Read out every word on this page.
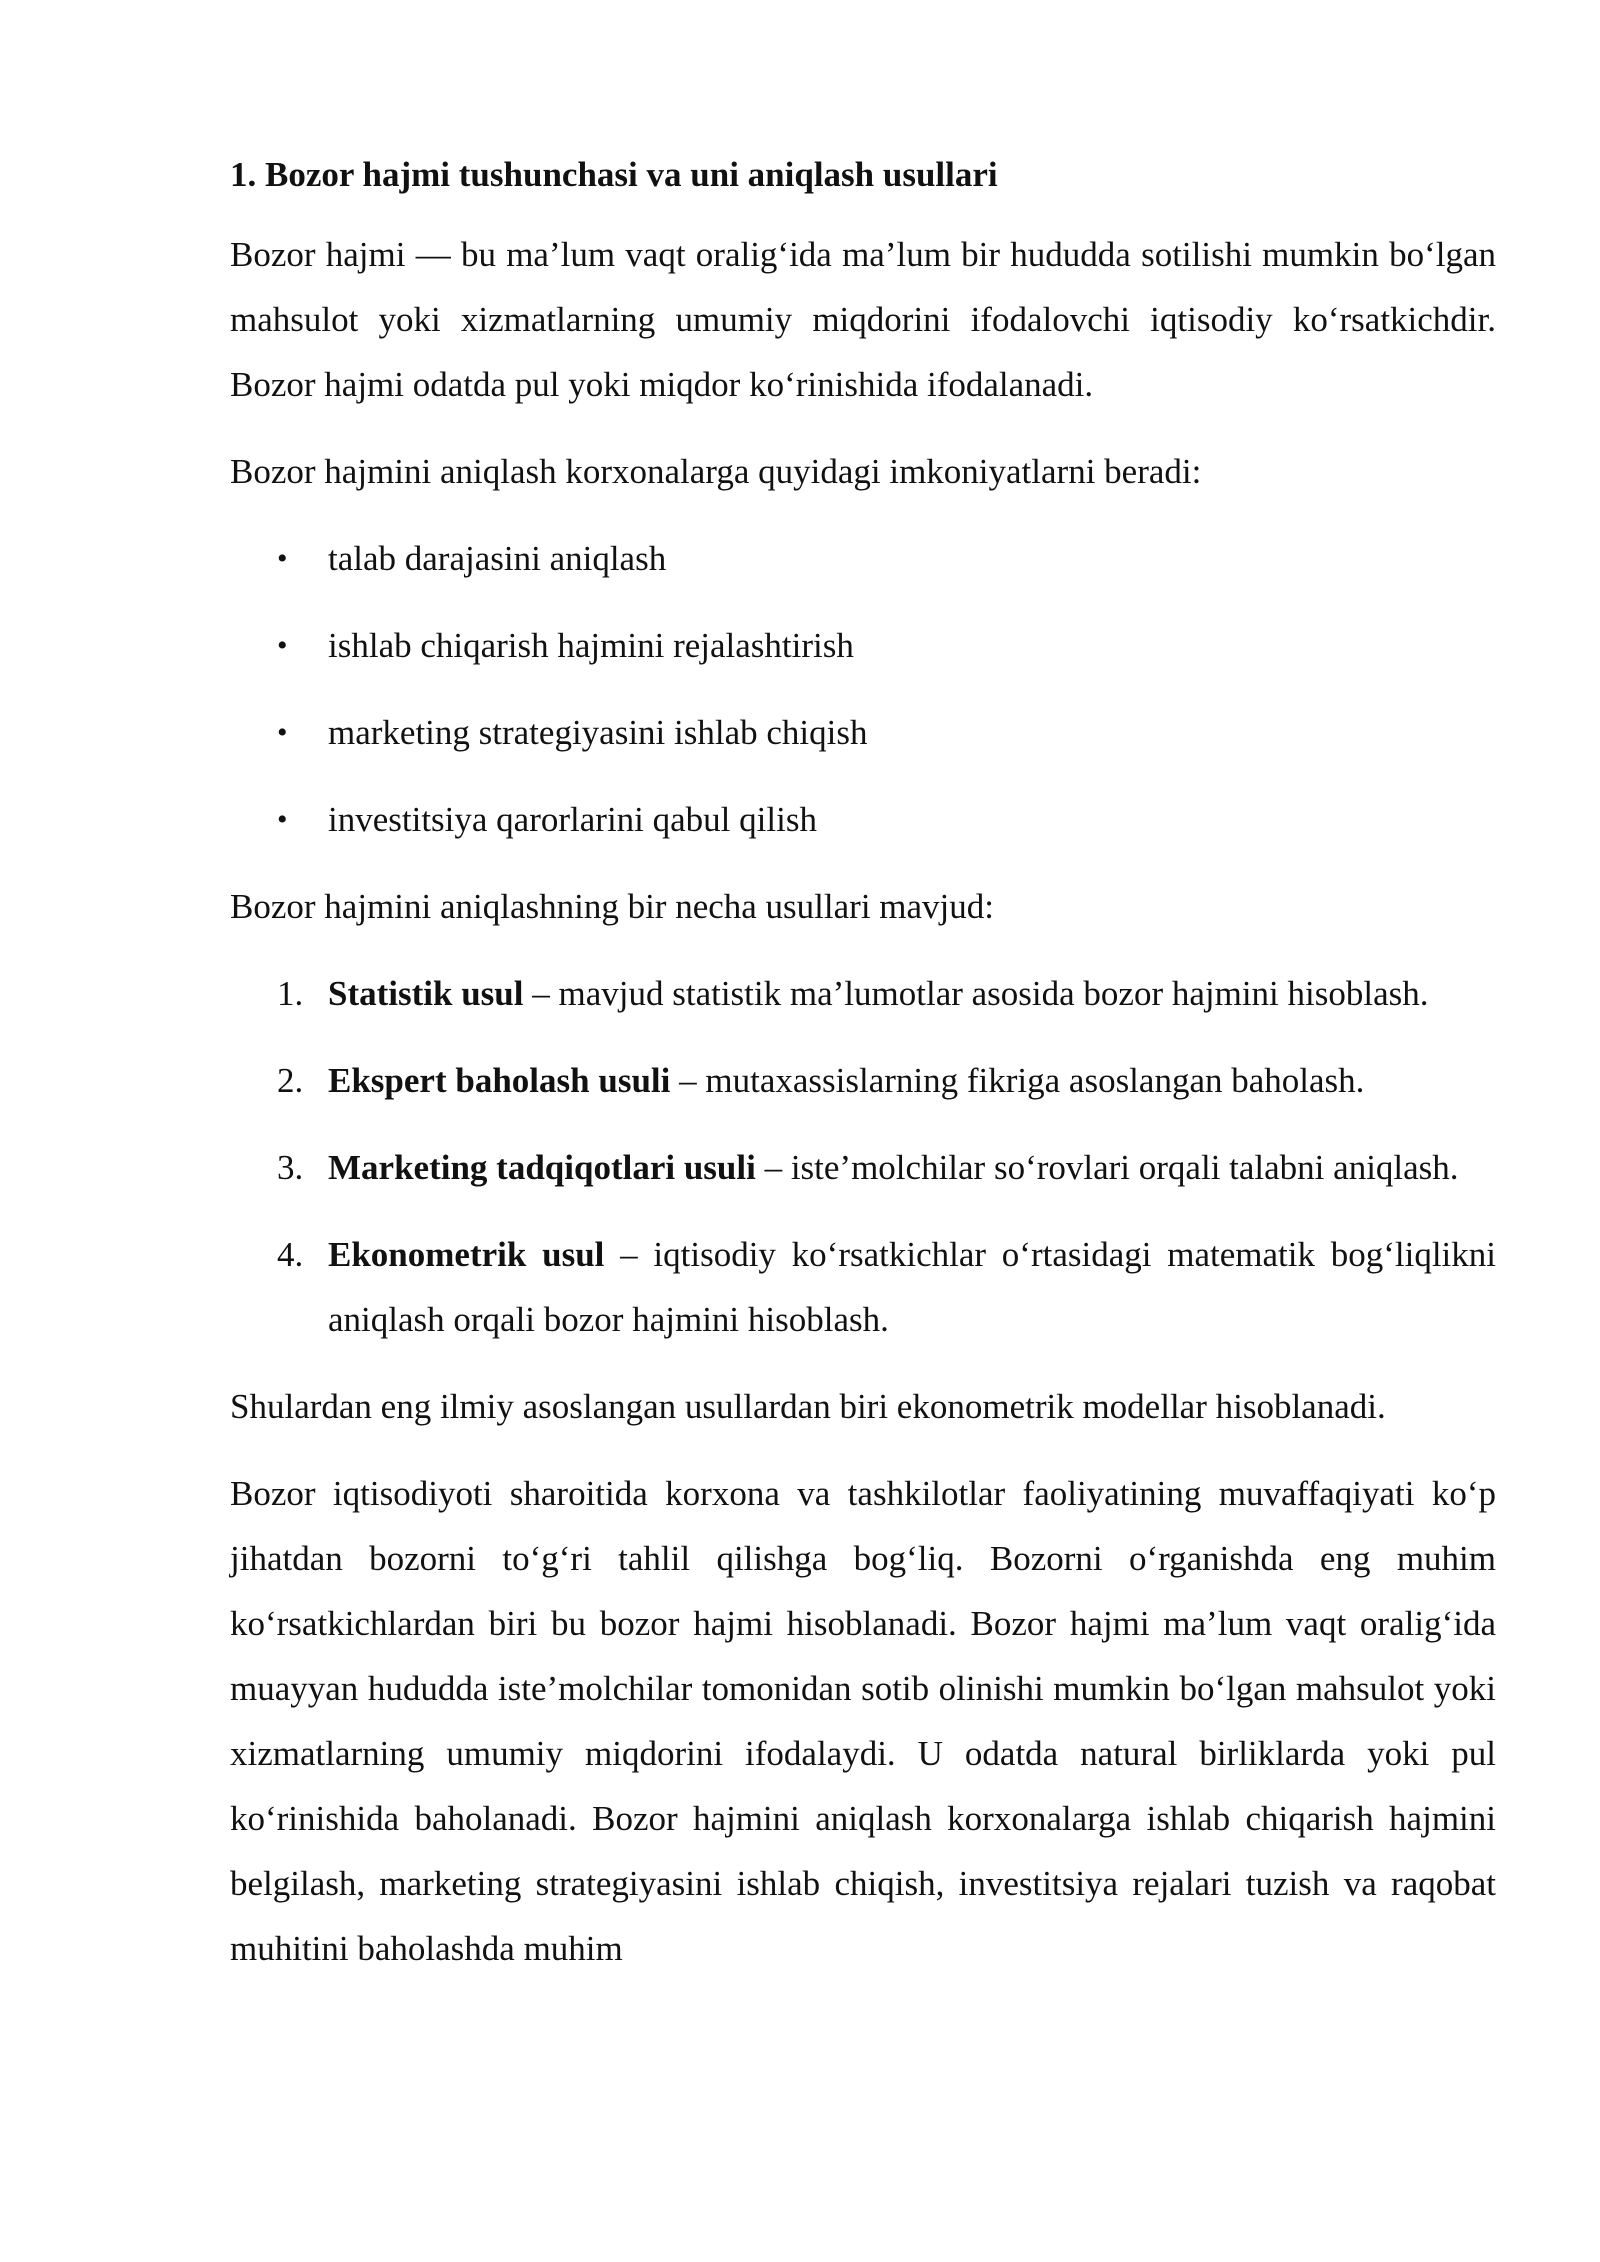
1. Bozor hajmi tushunchasi va uni aniqlash usullari

Bozor hajmi — bu ma’lum vaqt oralig‘ida ma’lum bir hududda sotilishi mumkin bo‘lgan mahsulot yoki xizmatlarning umumiy miqdorini ifodalovchi iqtisodiy ko‘rsatkichdir. Bozor hajmi odatda pul yoki miqdor ko‘rinishida ifodalanadi.

Bozor hajmini aniqlash korxonalarga quyidagi imkoniyatlarni beradi:

• talab darajasini aniqlash
• ishlab chiqarish hajmini rejalashtirish
• marketing strategiyasini ishlab chiqish
• investitsiya qarorlarini qabul qilish

Bozor hajmini aniqlashning bir necha usullari mavjud:

1. Statistik usul – mavjud statistik ma’lumotlar asosida bozor hajmini hisoblash.
2. Ekspert baholash usuli – mutaxassislarning fikriga asoslangan baholash.
3. Marketing tadqiqotlari usuli – iste’molchilar so‘rovlari orqali talabni aniqlash.
4. Ekonometrik usul – iqtisodiy ko‘rsatkichlar o‘rtasidagi matematik bog‘liqlikni aniqlash orqali bozor hajmini hisoblash.

Shulardan eng ilmiy asoslangan usullardan biri ekonometrik modellar hisoblanadi.

Bozor iqtisodiyoti sharoitida korxona va tashkilotlar faoliyatining muvaffaqiyati ko‘p jihatdan bozorni to‘g‘ri tahlil qilishga bog‘liq. Bozorni o‘rganishda eng muhim ko‘rsatkichlardan biri bu bozor hajmi hisoblanadi. Bozor hajmi ma’lum vaqt oralig‘ida muayyan hududda iste’molchilar tomonidan sotib olinishi mumkin bo‘lgan mahsulot yoki xizmatlarning umumiy miqdorini ifodalaydi. U odatda natural birliklarda yoki pul ko‘rinishida baholanadi. Bozor hajmini aniqlash korxonalarga ishlab chiqarish hajmini belgilash, marketing strategiyasini ishlab chiqish, investitsiya rejalari tuzish va raqobat muhitini baholashda muhim
